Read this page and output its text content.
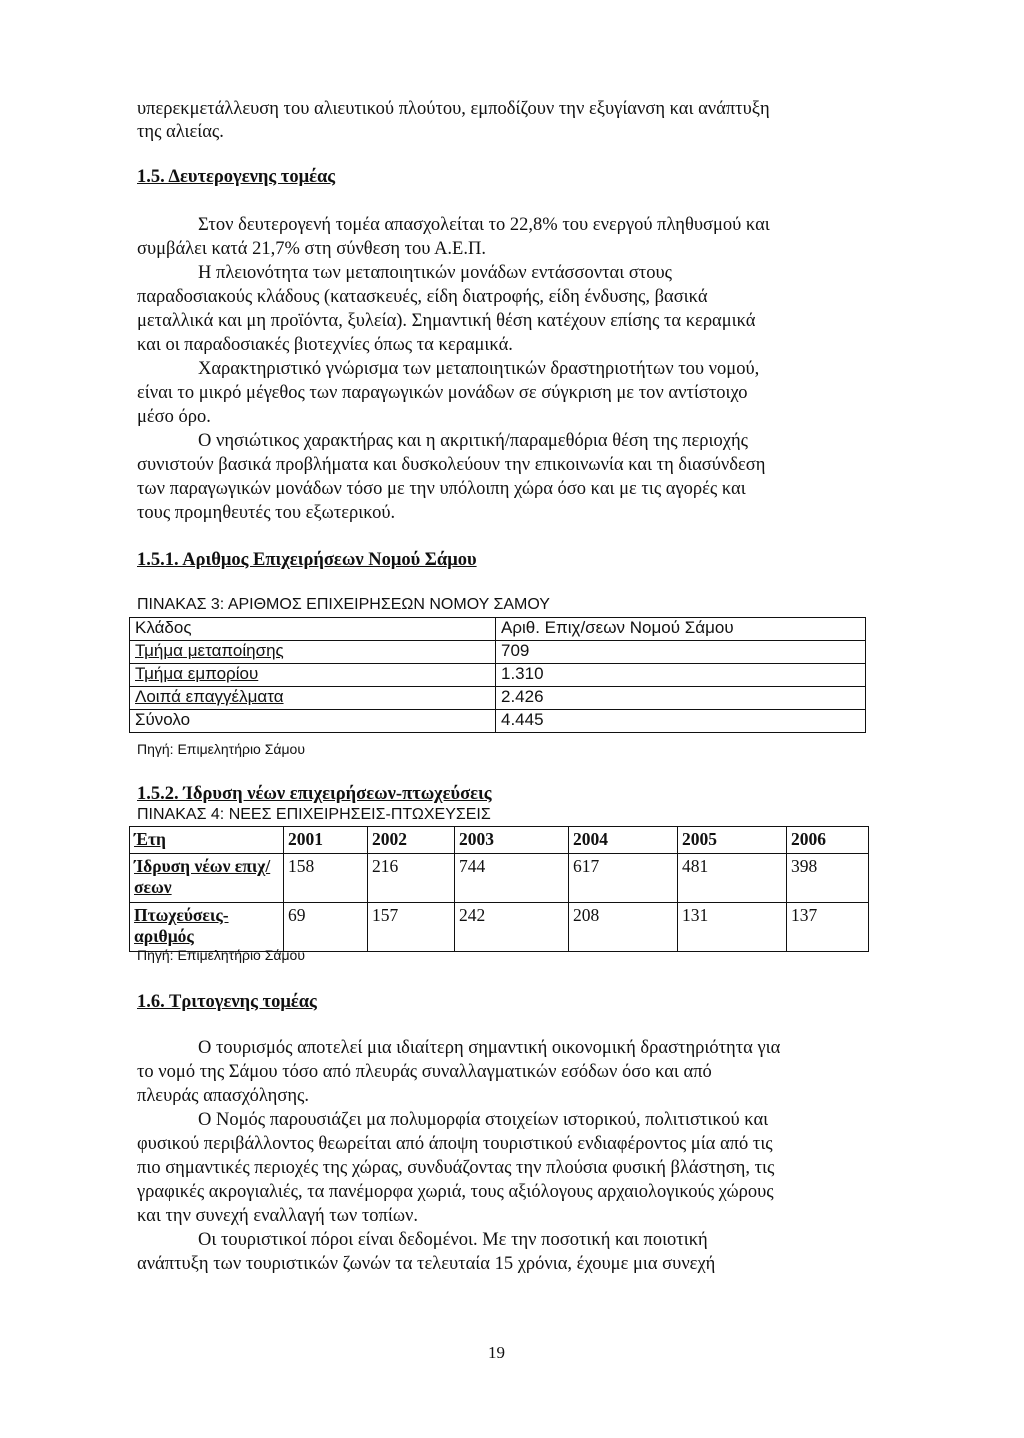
υπερεκμετάλλευση του αλιευτικού πλούτου, εμποδίζουν την εξυγίανση και ανάπτυξη
της αλιείας.
1.5. Δευτερογενης τομέας
Στον δευτερογενή τομέα απασχολείται το 22,8% του ενεργού πληθυσμού και
συμβάλει κατά 21,7% στη σύνθεση του Α.Ε.Π.
Η πλειονότητα των μεταποιητικών μονάδων εντάσσονται στους
παραδοσιακούς κλάδους (κατασκευές, είδη διατροφής, είδη ένδυσης, βασικά
μεταλλικά και μη προϊόντα, ξυλεία). Σημαντική θέση κατέχουν επίσης τα κεραμικά
και οι παραδοσιακές βιοτεχνίες όπως τα κεραμικά.
Χαρακτηριστικό γνώρισμα των μεταποιητικών δραστηριοτήτων του νομού,
είναι το μικρό μέγεθος των παραγωγικών μονάδων σε σύγκριση με τον αντίστοιχο
μέσο όρο.
Ο νησιώτικος χαρακτήρας και η ακριτική/παραμεθόρια θέση της περιοχής
συνιστούν βασικά προβλήματα και δυσκολεύουν την επικοινωνία και τη διασύνδεση
των παραγωγικών μονάδων τόσο με την υπόλοιπη χώρα όσο και με τις αγορές και
τους προμηθευτές του εξωτερικού.
1.5.1. Αριθμος Επιχειρήσεων Νομού Σάμου
ΠΙΝΑΚΑΣ 3: ΑΡΙΘΜΟΣ ΕΠΙΧΕΙΡΗΣΕΩΝ ΝΟΜΟΥ ΣΑΜΟΥ
Κλάδος	Αριθ. Επιχ/σεων Νομού Σάμου
Τμήμα μεταποίησης	709
Τμήμα εμπορίου	1.310
Λοιπά επαγγέλματα	2.426
Σύνολο	4.445
Πηγή: Επιμελητήριο Σάμου
1.5.2. Ίδρυση νέων επιχειρήσεων-πτωχεύσεις
ΠΙΝΑΚΑΣ 4: ΝΕΕΣ ΕΠΙΧΕΙΡΗΣΕΙΣ-ΠΤΩΧΕΥΣΕΙΣ
Έτη	2001	2002	2003	2004	2005	2006
Ίδρυση νέων επιχ/σεων	158	216	744	617	481	398
Πτωχεύσεις-αριθμός	69	157	242	208	131	137
Πηγή: Επιμελητήριο Σάμου
1.6. Τριτογενης τομέας
Ο τουρισμός αποτελεί μια ιδιαίτερη σημαντική οικονομική δραστηριότητα για
το νομό της Σάμου τόσο από πλευράς συναλλαγματικών εσόδων όσο και από
πλευράς απασχόλησης.
Ο Νομός παρουσιάζει μα πολυμορφία στοιχείων ιστορικού, πολιτιστικού και
φυσικού περιβάλλοντος θεωρείται από άποψη τουριστικού ενδιαφέροντος μία από τις
πιο σημαντικές περιοχές της χώρας, συνδυάζοντας την πλούσια φυσική βλάστηση, τις
γραφικές ακρογιαλιές, τα πανέμορφα χωριά, τους αξιόλογους αρχαιολογικούς χώρους
και την συνεχή εναλλαγή των τοπίων.
Οι τουριστικοί πόροι είναι δεδομένοι. Με την ποσοτική και ποιοτική
ανάπτυξη των τουριστικών ζωνών τα τελευταία 15 χρόνια, έχουμε μια συνεχή
19
